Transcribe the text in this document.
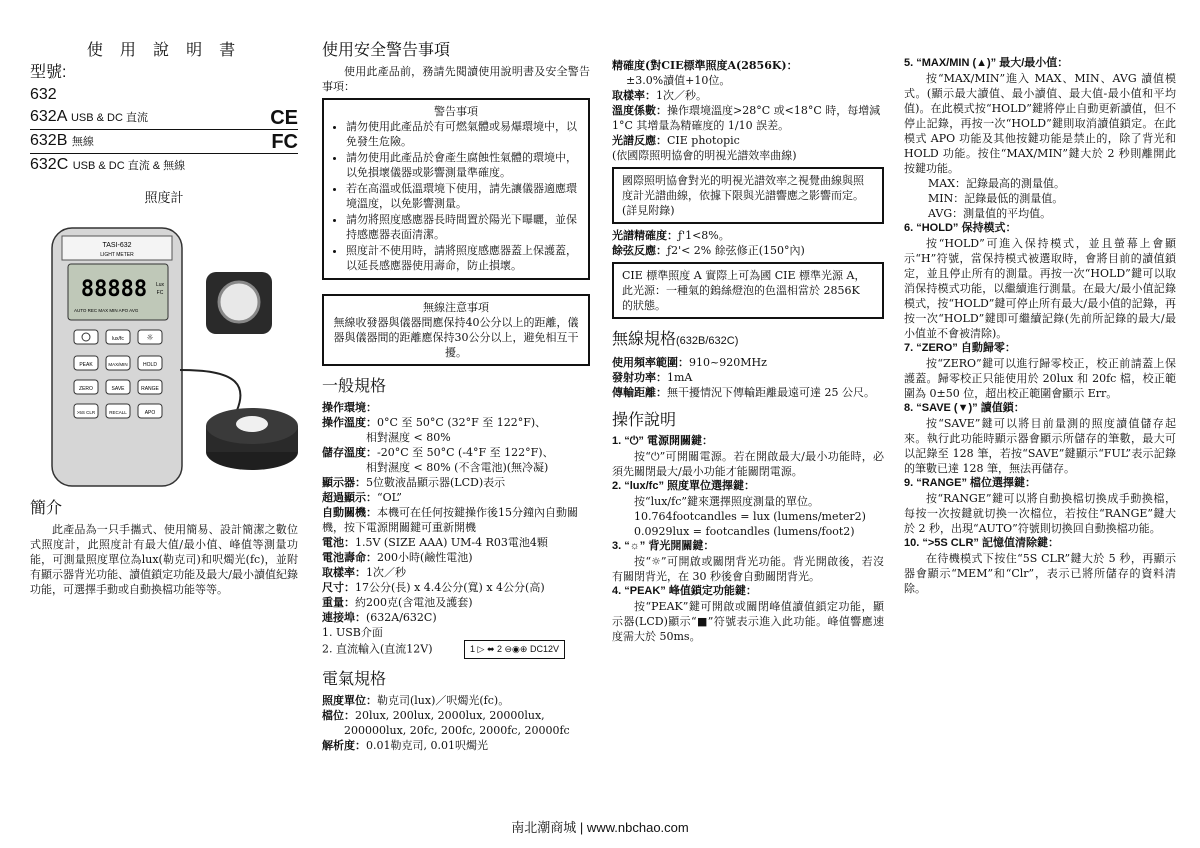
使 用 說 明 書
型號:
632
632A USB & DC 直流	CE
632B 無線	FC
632C USB & DC 直流 & 無線
照度計
TASI-632
LIGHT METER
88888 Lux
FC
AUTO REC MAX MIN APO AVG
lux/fc	☼
PEAK	MAX/MIN	HOLD
ZERO	SAVE	RANGE
>5S CLR	RECALL	APO
簡介

此產品為一只手攜式、使用簡易、設計簡潔之數位式照度計，此照度計有最大值/最小值、峰值等測量功能，可測量照度單位為lux(勒克司)和呎燭光(fc)，並附有顯示器背光功能、讀值鎖定功能及最大/最小讀值紀錄功能，可選擇手動或自動換檔功能等等。

使用安全警告事項

使用此產品前，務請先閱讀使用說明書及安全警告事項：

警告事項
• 請勿使用此產品於有可燃氣體或易爆環境中，以免發生危險。
• 請勿使用此產品於會產生腐蝕性氣體的環境中，以免損壞儀器或影響測量準確度。
• 若在高溫或低溫環境下使用，請先讓儀器適應環境溫度，以免影響測量。
• 請勿將照度感應器長時間置於陽光下曝曬，並保持感應器表面清潔。
• 照度計不使用時，請將照度感應器蓋上保護蓋，以延長感應器使用壽命，防止損壞。
無線注意事項
無線收發器與儀器間應保持40公分以上的距離，儀器與儀器間的距離應保持30公分以上，避免相互干擾。
一般規格
操作環境：
操作溫度：0°C 至 50°C (32°F 至 122°F)、
相對濕度 < 80%
儲存溫度：-20°C 至 50°C (-4°F 至 122°F)、
相對濕度 < 80% (不含電池)(無冷凝)
顯示器：5位數液晶顯示器(LCD)表示
超過顯示：“OL”
自動關機：本機可在任何按鍵操作後15分鐘內自動關機，按下電源開關鍵可重新開機
電池：1.5V (SIZE AAA) UM-4 R03電池4顆
電池壽命：200小時(鹼性電池)
取樣率：1次／秒
尺寸：17公分(長) x 4.4公分(寬) x 4公分(高)
重量：約200克(含電池及護套)
連接埠：(632A/632C)
1. USB介面
2. 直流輸入(直流12V)	1 ▷ ⬌ 2 ⊖◉⊕ DC12V
電氣規格
照度單位：勒克司(lux)／呎燭光(fc)。
檔位：20lux, 200lux, 2000lux, 20000lux,
200000lux, 20fc, 200fc, 2000fc, 20000fc
解析度：0.01勒克司, 0.01呎燭光
精確度(對CIE標準照度A(2856K)：
±3.0%讀值+10位。
取樣率：1次／秒。
溫度係數：操作環境溫度>28°C 或<18°C 時，每增減 1°C 其增量為精確度的 1/10 誤差。
光譜反應：CIE photopic
(依國際照明協會的明視光譜效率曲線)
國際照明協會對光的明視光譜效率之視覺曲線與照度計光譜曲線，依據下限與光譜響應之影響而定。(詳見附錄)
光譜精確度：ƒ'1<8%。
餘弦反應：ƒ2'< 2% 餘弦修正(150°內)
CIE 標準照度 A 實際上可為國 CIE 標準光源 A，此光源：一種氣的鎢絲燈泡的色溫相當於 2856K 的狀態。
無線規格(632B/632C)
使用頻率範圍：910~920MHz
發射功率：1mA
傳輸距離：無干擾情況下傳輸距離最遠可達 25 公尺。
操作說明
1. “⏻” 電源開關鍵：

按“⏻”可開關電源。若在開啟最大/最小功能時，必須先關閉最大/最小功能才能關閉電源。

2. “lux/fc” 照度單位選擇鍵：

按“lux/fc”鍵來選擇照度測量的單位。

10.764footcandles = lux (lumens/meter2)
0.0929lux = footcandles (lumens/foot2)
3. “☼” 背光開關鍵：

按“☼”可開啟或關閉背光功能。背光開啟後，若沒有關閉背光，在 30 秒後會自動關閉背光。

4. “PEAK” 峰值鎖定功能鍵：

按“PEAK”鍵可開啟或關閉峰值讀值鎖定功能，顯示器(LCD)顯示“■”符號表示進入此功能。峰值響應速度需大於 50ms。

5. “MAX/MIN (▲)” 最大/最小值：

按“MAX/MIN”進入 MAX、MIN、AVG 讀值模式。(顯示最大讀值、最小讀值、最大值-最小值和平均值)。在此模式按“HOLD”鍵將停止自動更新讀值，但不停止記錄，再按一次“HOLD”鍵則取消讀值鎖定。在此模式 APO 功能及其他按鍵功能是禁止的，除了背光和 HOLD 功能。按住“MAX/MIN”鍵大於 2 秒則離開此按鍵功能。

MAX：記錄最高的測量值。
MIN：記錄最低的測量值。
AVG：測量值的平均值。
6. “HOLD” 保持模式：

按“HOLD”可進入保持模式，並且螢幕上會顯示“H”符號，當保持模式被選取時，會將目前的讀值鎖定，並且停止所有的測量。再按一次“HOLD”鍵可以取消保持模式功能，以繼續進行測量。在最大/最小值記錄模式，按“HOLD”鍵可停止所有最大/最小值的記錄，再按一次“HOLD”鍵即可繼續記錄(先前所記錄的最大/最小值並不會被清除)。

7. “ZERO” 自動歸零：

按“ZERO”鍵可以進行歸零校正，校正前請蓋上保護蓋。歸零校正只能使用於 20lux 和 20fc 檔，校正範圍為 0±50 位，超出校正範圍會顯示 Err。

8. “SAVE (▼)” 讀值鎖：

按“SAVE”鍵可以將目前量測的照度讀值儲存起來。執行此功能時顯示器會顯示所儲存的筆數，最大可以記錄至 128 筆，若按“SAVE”鍵顯示“FUL”表示記錄的筆數已達 128 筆，無法再儲存。

9. “RANGE” 檔位選擇鍵：

按“RANGE”鍵可以將自動換檔切換成手動換檔，每按一次按鍵就切換一次檔位，若按住“RANGE”鍵大於 2 秒，出現“AUTO”符號則切換回自動換檔功能。

10. “>5S CLR” 記憶值清除鍵：

在待機模式下按住“5S CLR”鍵大於 5 秒，再顯示器會顯示“MEM”和“Clr”，表示已將所儲存的資料清除。

南北潮商城 | www.nbchao.com
